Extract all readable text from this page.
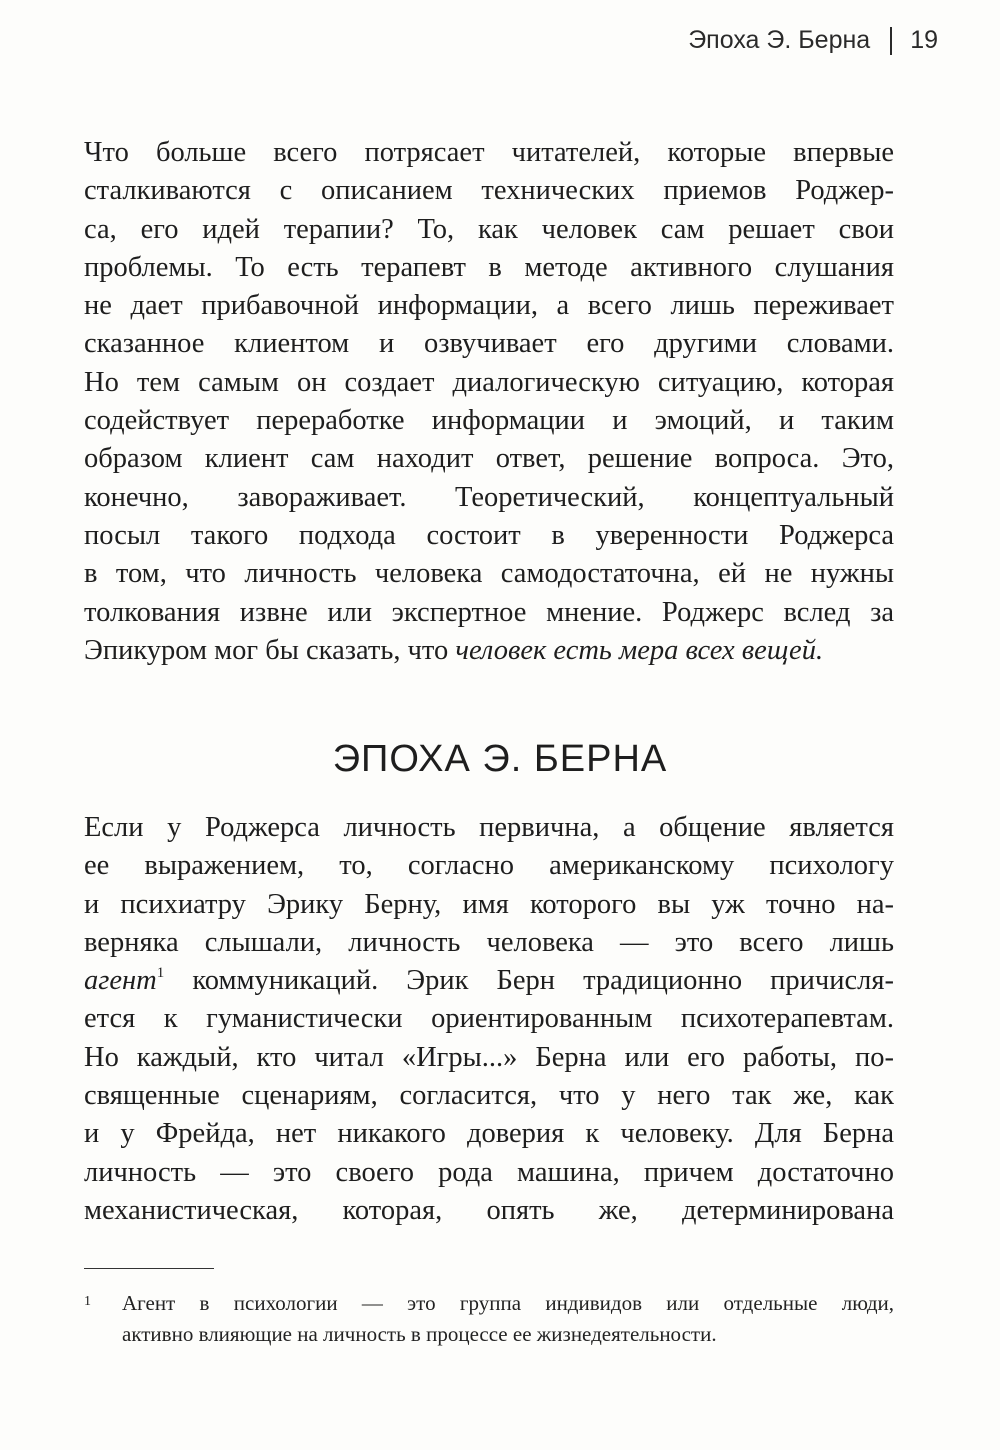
Эпоха Э. Берна 19
Что больше всего потрясает читателей, которые впервые
сталкиваются с описанием технических приемов Роджер-
са, его идей терапии? То, как человек сам решает свои
проблемы. То есть терапевт в методе активного слушания
не дает прибавочной информации, а всего лишь переживает
сказанное клиентом и озвучивает его другими словами.
Но тем самым он создает диалогическую ситуацию, которая
содействует переработке информации и эмоций, и таким
образом клиент сам находит ответ, решение вопроса. Это,
конечно, завораживает. Теоретический, концептуальный
посыл такого подхода состоит в уверенности Роджерса
в том, что личность человека самодостаточна, ей не нужны
толкования извне или экспертное мнение. Роджерс вслед за
Эпикуром мог бы сказать, что человек есть мера всех вещей.
ЭПОХА Э. БЕРНА
Если у Роджерса личность первична, а общение является
ее выражением, то, согласно американскому психологу
и психиатру Эрику Берну, имя которого вы уж точно на-
верняка слышали, личность человека — это всего лишь
агент$^1$ коммуникаций. Эрик Берн традиционно причисля-
ется к гуманистически ориентированным психотерапевтам.
Но каждый, кто читал «Игры...» Берна или его работы, по-
священные сценариям, согласится, что у него так же, как
и у Фрейда, нет никакого доверия к человеку. Для Берна
личность — это своего рода машина, причем достаточно
механистическая, которая, опять же, детерминирована
1 Агент в психологии — это группа индивидов или отдельные люди,
активно влияющие на личность в процессе ее жизнедеятельности.
